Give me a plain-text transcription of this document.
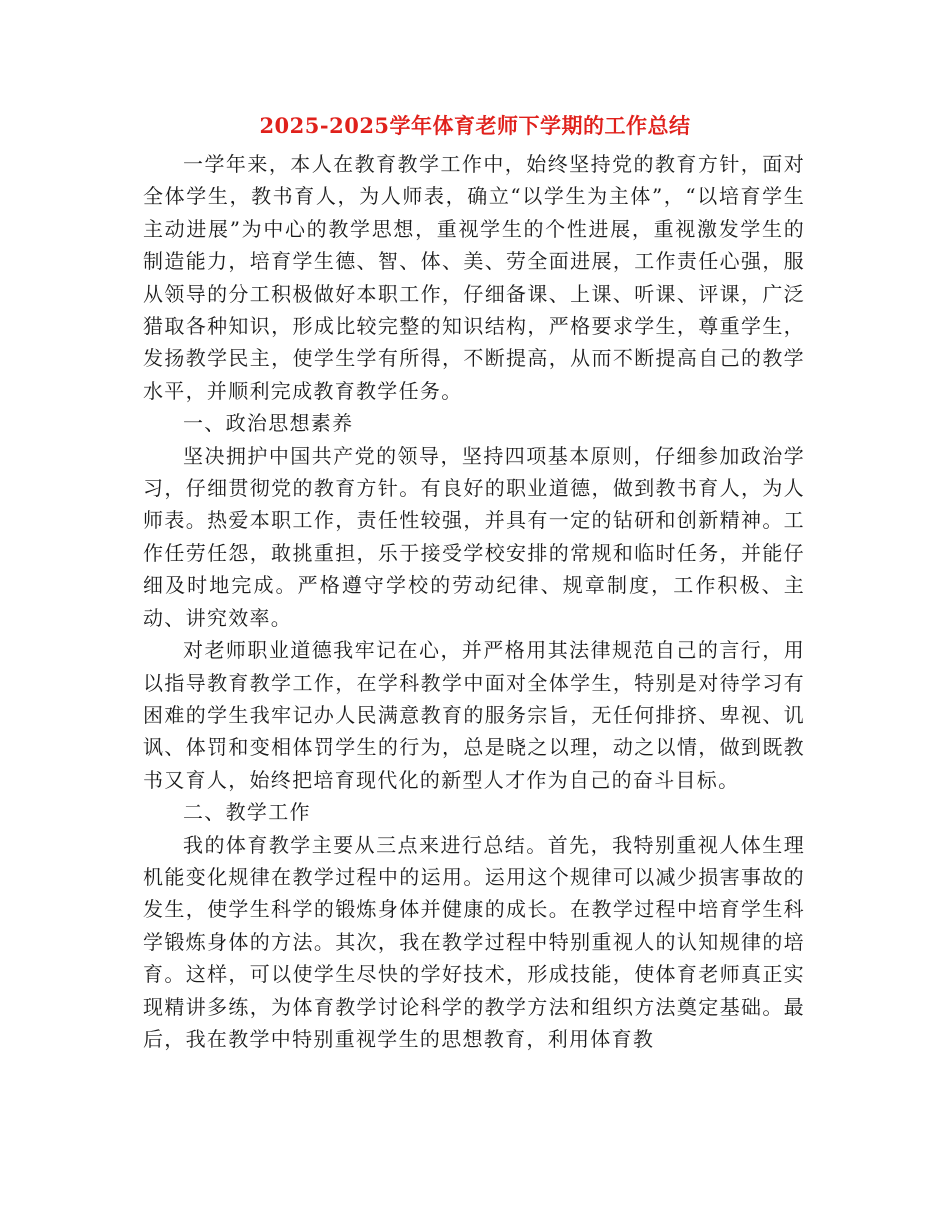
2025-2025学年体育老师下学期的工作总结

一学年来，本人在教育教学工作中，始终坚持党的教育方针，面对全体学生，教书育人，为人师表，确立“以学生为主体”，“以培育学生主动进展”为中心的教学思想，重视学生的个性进展，重视激发学生的制造能力，培育学生德、智、体、美、劳全面进展，工作责任心强，服从领导的分工积极做好本职工作，仔细备课、上课、听课、评课，广泛猎取各种知识，形成比较完整的知识结构，严格要求学生，尊重学生，发扬教学民主，使学生学有所得，不断提高，从而不断提高自己的教学水平，并顺利完成教育教学任务。

一、政治思想素养

坚决拥护中国共产党的领导，坚持四项基本原则，仔细参加政治学习，仔细贯彻党的教育方针。有良好的职业道德，做到教书育人，为人师表。热爱本职工作，责任性较强，并具有一定的钻研和创新精神。工作任劳任怨，敢挑重担，乐于接受学校安排的常规和临时任务，并能仔细及时地完成。严格遵守学校的劳动纪律、规章制度，工作积极、主动、讲究效率。

对老师职业道德我牢记在心，并严格用其法律规范自己的言行，用以指导教育教学工作，在学科教学中面对全体学生，特别是对待学习有困难的学生我牢记办人民满意教育的服务宗旨，无任何排挤、卑视、讥讽、体罚和变相体罚学生的行为，总是晓之以理，动之以情，做到既教书又育人，始终把培育现代化的新型人才作为自己的奋斗目标。

二、教学工作

我的体育教学主要从三点来进行总结。首先，我特别重视人体生理机能变化规律在教学过程中的运用。运用这个规律可以减少损害事故的发生，使学生科学的锻炼身体并健康的成长。在教学过程中培育学生科学锻炼身体的方法。其次，我在教学过程中特别重视人的认知规律的培育。这样，可以使学生尽快的学好技术，形成技能，使体育老师真正实现精讲多练，为体育教学讨论科学的教学方法和组织方法奠定基础。最后，我在教学中特别重视学生的思想教育，利用体育教
